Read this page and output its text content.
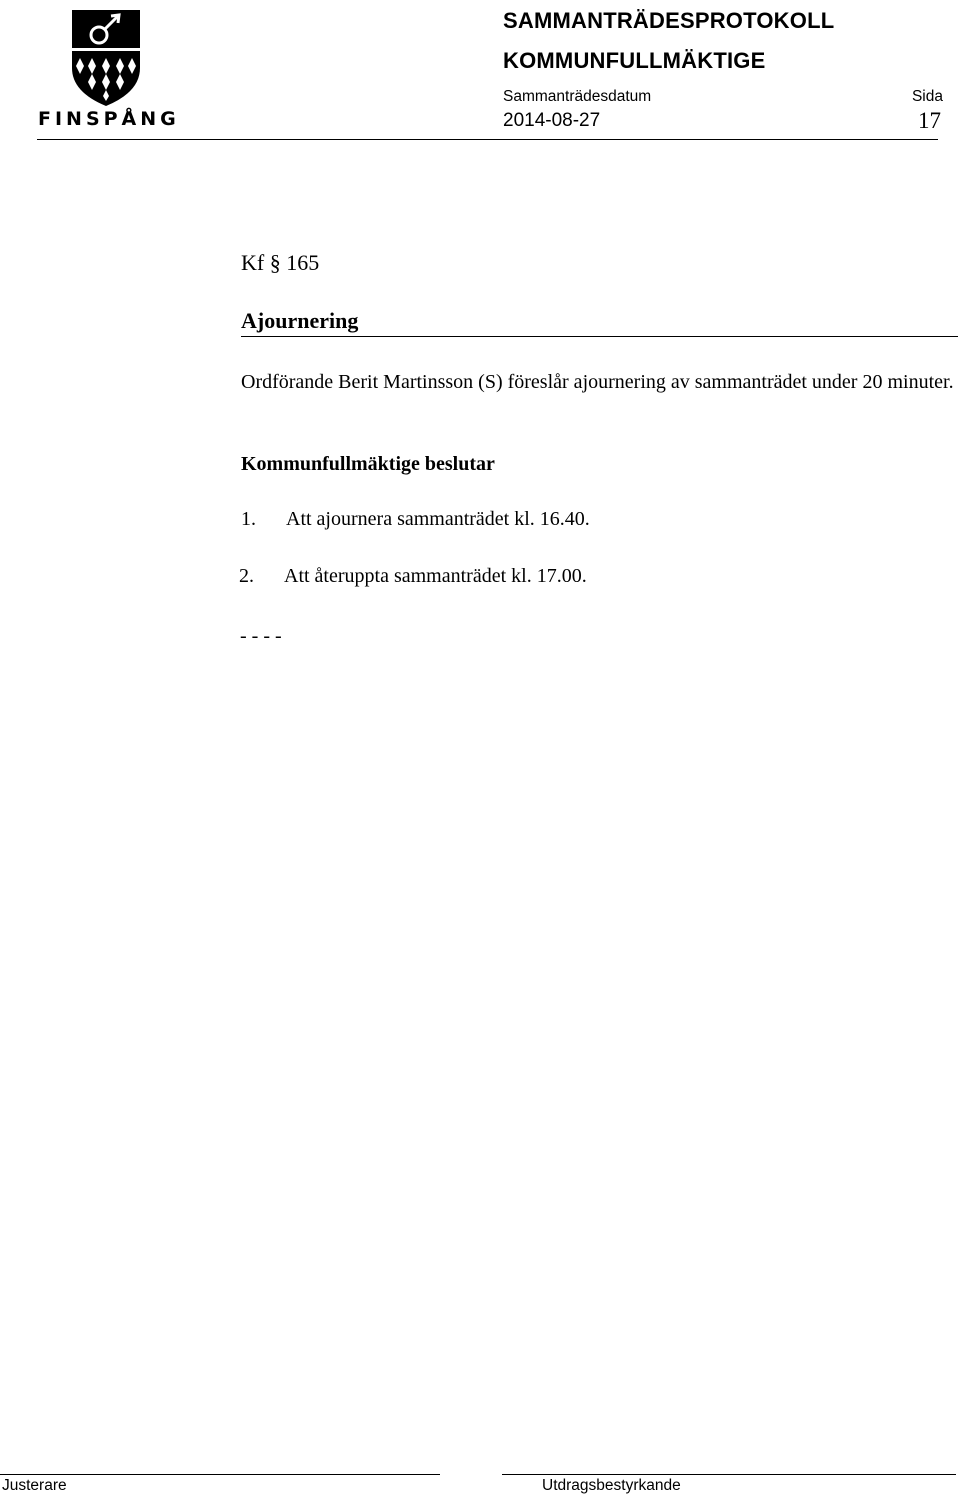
FINSPÅNG
SAMMANTRÄDESPROTOKOLL
KOMMUNFULLMÄKTIGE
Sammanträdesdatum	Sida
2014-08-27	17
Kf § 165
Ajournering
Ordförande Berit Martinsson (S) föreslår ajournering av sammanträdet under 20 minuter.
Kommunfullmäktige beslutar
1. Att ajournera sammanträdet kl. 16.40.
2. Att återuppta sammanträdet kl. 17.00.
- - - -
Justerare	Utdragsbestyrkande
